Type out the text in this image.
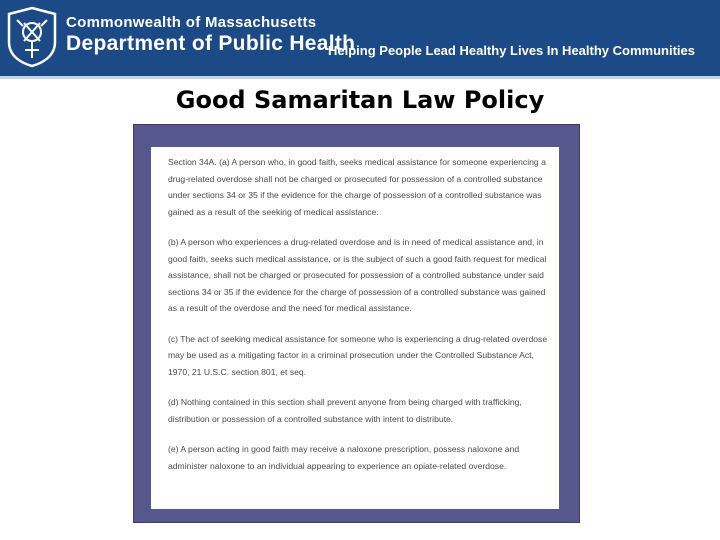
Commonwealth of Massachusetts
Department of Public Health
Helping People Lead Healthy Lives In Healthy Communities
Good Samaritan Law Policy

Section 34A. (a) A person who, in good faith, seeks medical assistance for someone experiencing a drug-related overdose shall not be charged or prosecuted for possession of a controlled substance under sections 34 or 35 if the evidence for the charge of possession of a controlled substance was gained as a result of the seeking of medical assistance.

(b) A person who experiences a drug-related overdose and is in need of medical assistance and, in good faith, seeks such medical assistance, or is the subject of such a good faith request for medical assistance, shall not be charged or prosecuted for possession of a controlled substance under said sections 34 or 35 if the evidence for the charge of possession of a controlled substance was gained as a result of the overdose and the need for medical assistance.

(c) The act of seeking medical assistance for someone who is experiencing a drug-related overdose may be used as a mitigating factor in a criminal prosecution under the Controlled Substance Act, 1970, 21 U.S.C. section 801, et seq.

(d) Nothing contained in this section shall prevent anyone from being charged with trafficking, distribution or possession of a controlled substance with intent to distribute.

(e) A person acting in good faith may receive a naloxone prescription, possess naloxone and administer naloxone to an individual appearing to experience an opiate-related overdose.
